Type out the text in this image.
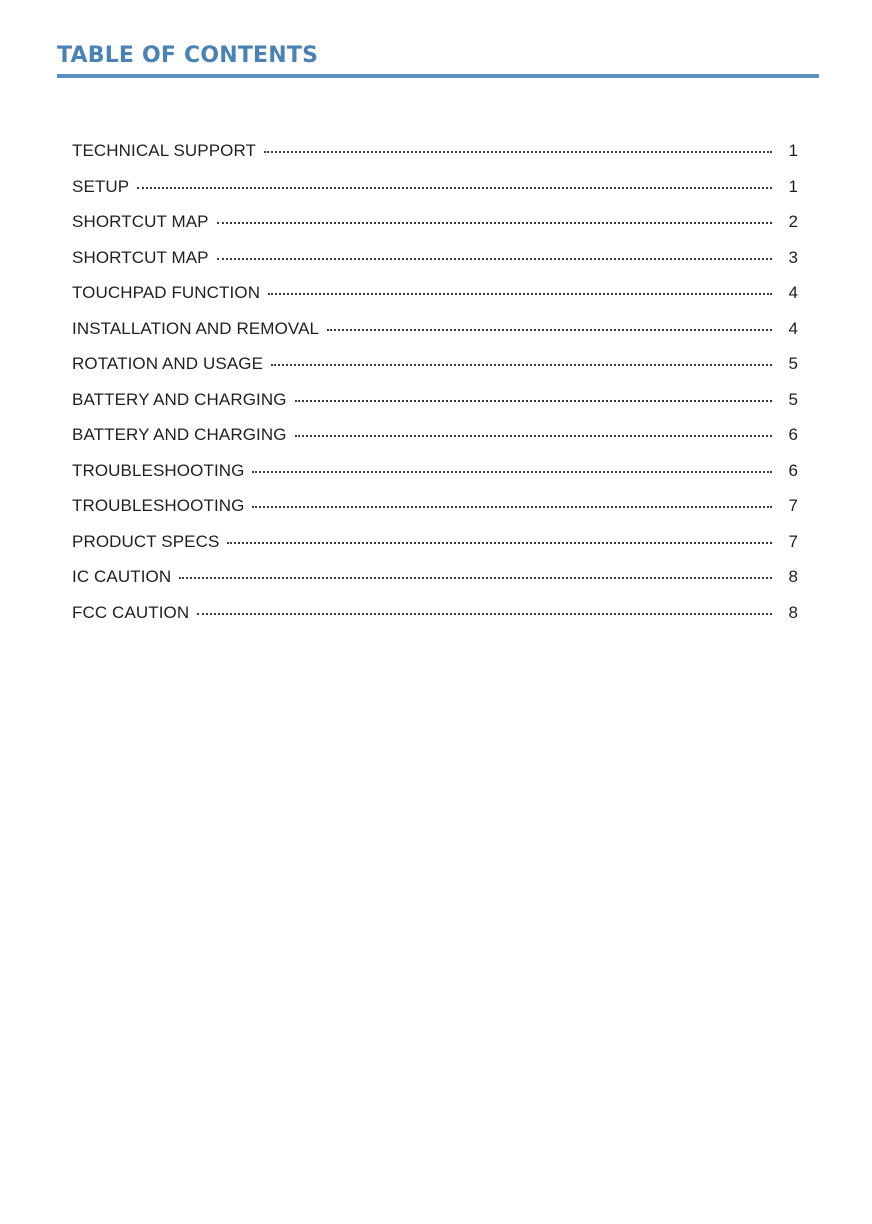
TABLE OF CONTENTS
TECHNICAL SUPPORT	1
SETUP	1
SHORTCUT MAP	2
SHORTCUT MAP	3
TOUCHPAD FUNCTION	4
INSTALLATION AND REMOVAL	4
ROTATION AND USAGE	5
BATTERY AND CHARGING	5
BATTERY AND CHARGING	6
TROUBLESHOOTING	6
TROUBLESHOOTING	7
PRODUCT SPECS	7
IC CAUTION	8
FCC CAUTION	8
